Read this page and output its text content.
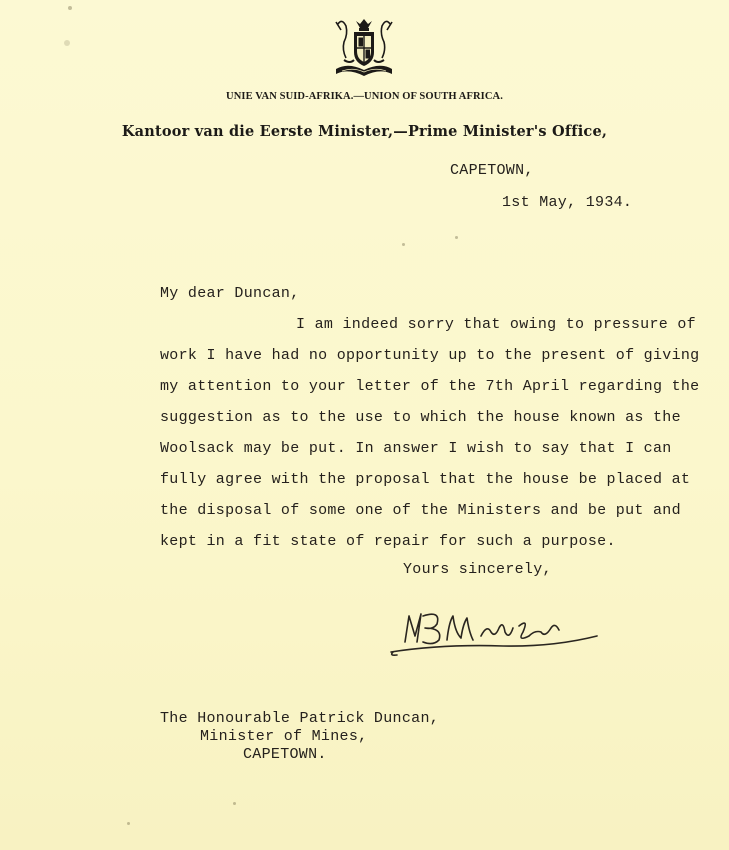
UNIE VAN SUID-AFRIKA.—UNION OF SOUTH AFRICA.
Kantoor van die Eerste Minister,—Prime Minister's Office,
CAPETOWN,
1st May, 1934.
My dear Duncan,
I am indeed sorry that owing to pressure of
work I have had no opportunity up to the present of giving
my attention to your letter of the 7th April regarding the
suggestion as to the use to which the house known as the
Woolsack may be put. In answer I wish to say that I can
fully agree with the proposal that the house be placed at
the disposal of some one of the Ministers and be put and
kept in a fit state of repair for such a purpose.
Yours sincerely,
The Honourable Patrick Duncan,
Minister of Mines,
CAPETOWN.
